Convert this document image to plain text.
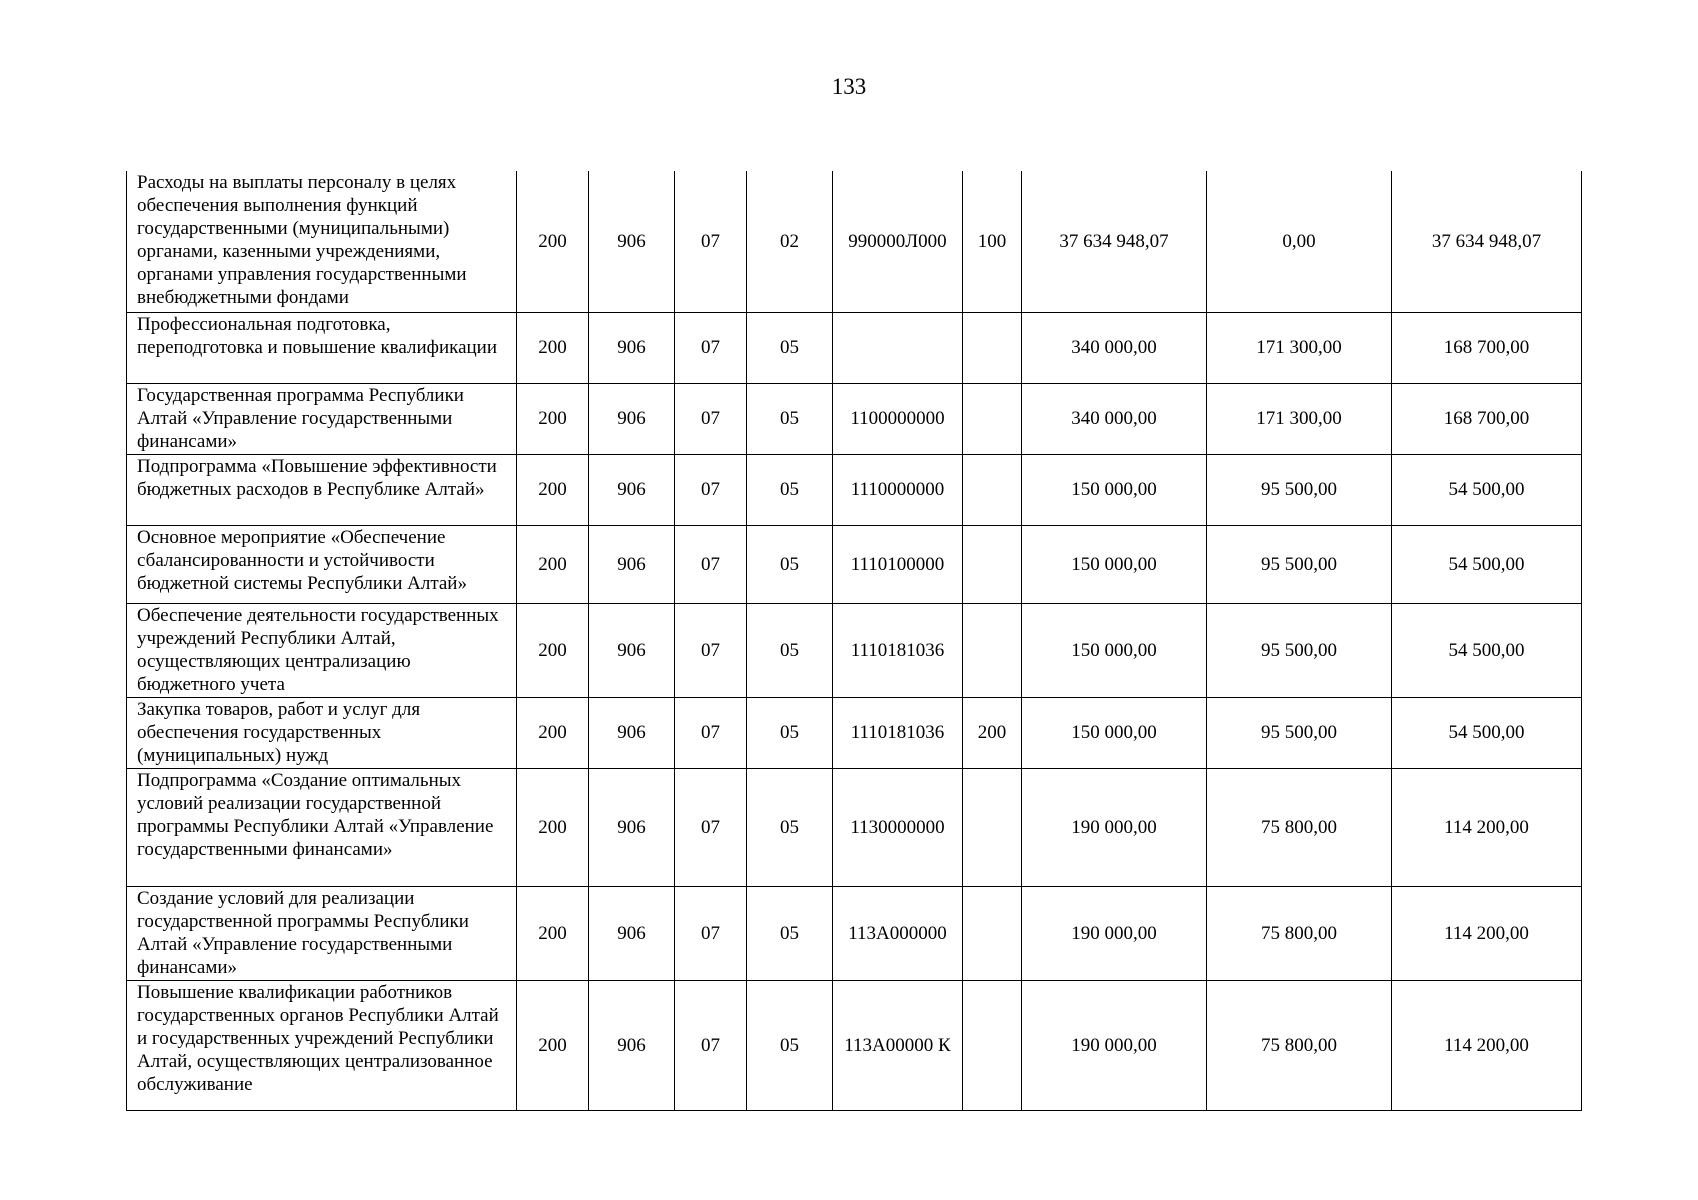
133
Расходы на выплаты персоналу в целях обеспечения выполнения функций государственными (муниципальными) органами, казенными учреждениями, органами управления государственными внебюджетными фондами	200	906	07	02	990000Л000	100	37 634 948,07	0,00	37 634 948,07
Профессиональная подготовка, переподготовка и повышение квалификации	200	906	07	05			340 000,00	171 300,00	168 700,00
Государственная программа Республики Алтай «Управление государственными финансами»	200	906	07	05	1100000000		340 000,00	171 300,00	168 700,00
Подпрограмма «Повышение эффективности бюджетных расходов в Республике Алтай»	200	906	07	05	1110000000		150 000,00	95 500,00	54 500,00
Основное мероприятие «Обеспечение сбалансированности и устойчивости бюджетной системы Республики Алтай»	200	906	07	05	1110100000		150 000,00	95 500,00	54 500,00
Обеспечение деятельности государственных учреждений Республики Алтай, осуществляющих централизацию бюджетного учета	200	906	07	05	1110181036		150 000,00	95 500,00	54 500,00
Закупка товаров, работ и услуг для обеспечения государственных (муниципальных) нужд	200	906	07	05	1110181036	200	150 000,00	95 500,00	54 500,00
Подпрограмма «Создание оптимальных условий реализации государственной программы Республики Алтай «Управление государственными финансами»	200	906	07	05	1130000000		190 000,00	75 800,00	114 200,00
Создание условий для реализации государственной программы Республики Алтай «Управление государственными финансами»	200	906	07	05	113А000000		190 000,00	75 800,00	114 200,00
Повышение квалификации работников государственных органов Республики Алтай и государственных учреждений Республики Алтай, осуществляющих централизованное обслуживание	200	906	07	05	113А00000 К		190 000,00	75 800,00	114 200,00
